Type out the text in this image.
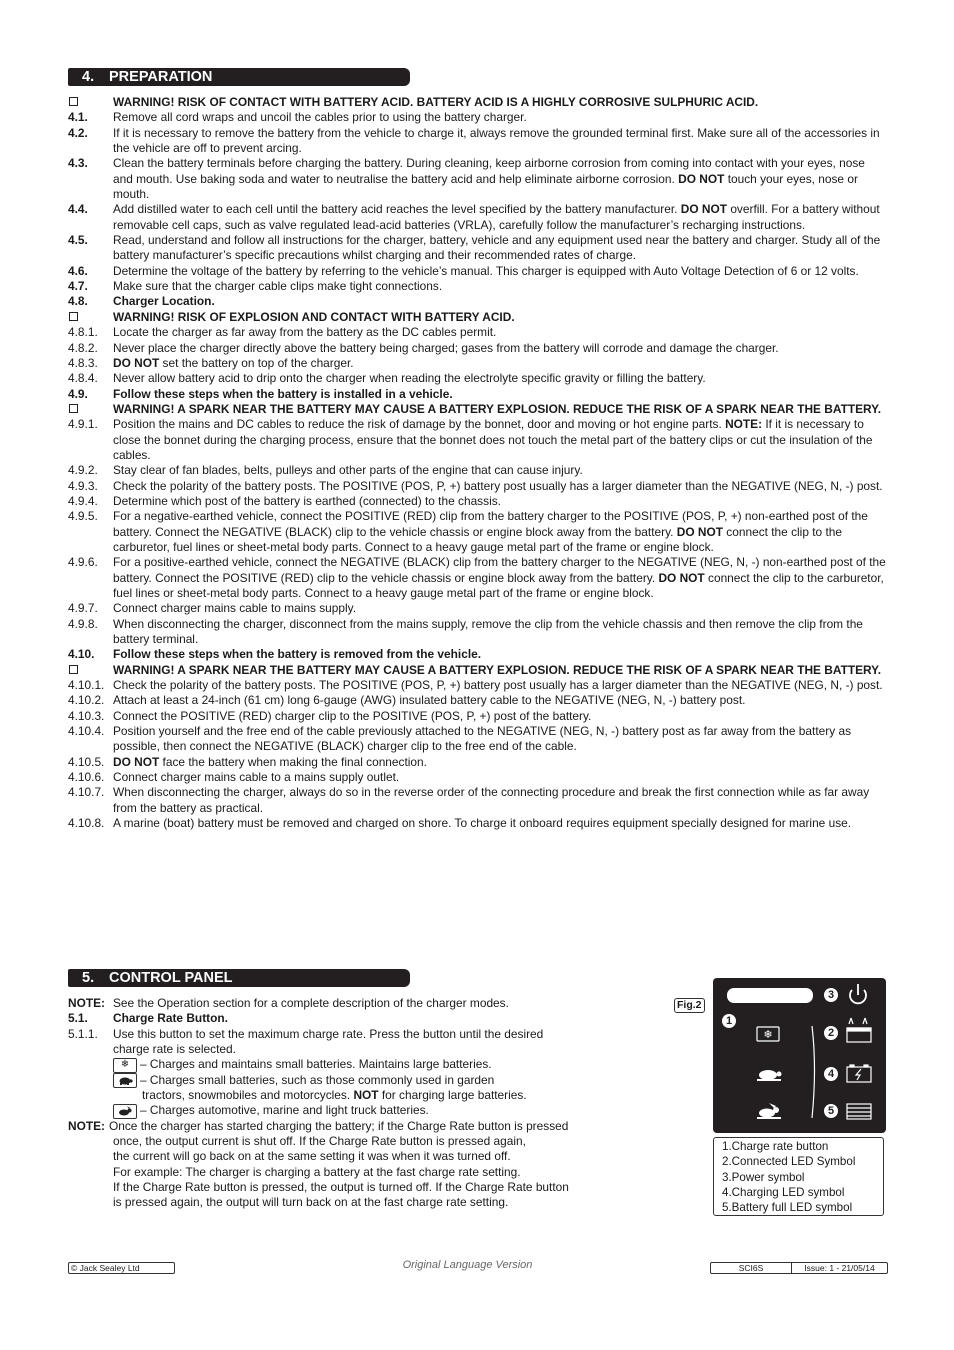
4. PREPARATION
WARNING! RISK OF CONTACT WITH BATTERY ACID. BATTERY ACID IS A HIGHLY CORROSIVE SULPHURIC ACID.
4.1.	Remove all cord wraps and uncoil the cables prior to using the battery charger.
4.2.	If it is necessary to remove the battery from the vehicle to charge it, always remove the grounded terminal first. Make sure all of the accessories in the vehicle are off to prevent arcing.
4.3.	Clean the battery terminals before charging the battery. During cleaning, keep airborne corrosion from coming into contact with your eyes, nose and mouth. Use baking soda and water to neutralise the battery acid and help eliminate airborne corrosion. DO NOT touch your eyes, nose or mouth.
4.4.	Add distilled water to each cell until the battery acid reaches the level specified by the battery manufacturer. DO NOT overfill. For a battery without removable cell caps, such as valve regulated lead-acid batteries (VRLA), carefully follow the manufacturer’s recharging instructions.
4.5.	Read, understand and follow all instructions for the charger, battery, vehicle and any equipment used near the battery and charger. Study all of the battery manufacturer’s specific precautions whilst charging and their recommended rates of charge.
4.6.	Determine the voltage of the battery by referring to the vehicle’s manual. This charger is equipped with Auto Voltage Detection of 6 or 12 volts.
4.7.	Make sure that the charger cable clips make tight connections.
4.8.	Charger Location.
WARNING! RISK OF EXPLOSION AND CONTACT WITH BATTERY ACID.
4.8.1.	Locate the charger as far away from the battery as the DC cables permit.
4.8.2.	Never place the charger directly above the battery being charged; gases from the battery will corrode and damage the charger.
4.8.3.	DO NOT set the battery on top of the charger.
4.8.4.	Never allow battery acid to drip onto the charger when reading the electrolyte specific gravity or filling the battery.
4.9.	Follow these steps when the battery is installed in a vehicle.
WARNING! A SPARK NEAR THE BATTERY MAY CAUSE A BATTERY EXPLOSION. REDUCE THE RISK OF A SPARK NEAR THE BATTERY.
4.9.1.	Position the mains and DC cables to reduce the risk of damage by the bonnet, door and moving or hot engine parts. NOTE: If it is necessary to close the bonnet during the charging process, ensure that the bonnet does not touch the metal part of the battery clips or cut the insulation of the cables.
4.9.2.	Stay clear of fan blades, belts, pulleys and other parts of the engine that can cause injury.
4.9.3.	Check the polarity of the battery posts. The POSITIVE (POS, P, +) battery post usually has a larger diameter than the NEGATIVE (NEG, N, -) post.
4.9.4.	Determine which post of the battery is earthed (connected) to the chassis.
4.9.5.	For a negative-earthed vehicle, connect the POSITIVE (RED) clip from the battery charger to the POSITIVE (POS, P, +) non-earthed post of the battery. Connect the NEGATIVE (BLACK) clip to the vehicle chassis or engine block away from the battery. DO NOT connect the clip to the carburetor, fuel lines or sheet-metal body parts. Connect to a heavy gauge metal part of the frame or engine block.
4.9.6.	For a positive-earthed vehicle, connect the NEGATIVE (BLACK) clip from the battery charger to the NEGATIVE (NEG, N, -) non-earthed post of the battery. Connect the POSITIVE (RED) clip to the vehicle chassis or engine block away from the battery. DO NOT connect the clip to the carburetor, fuel lines or sheet-metal body parts. Connect to a heavy gauge metal part of the frame or engine block.
4.9.7.	Connect charger mains cable to mains supply.
4.9.8.	When disconnecting the charger, disconnect from the mains supply, remove the clip from the vehicle chassis and then remove the clip from the battery terminal.
4.10.	Follow these steps when the battery is removed from the vehicle.
WARNING! A SPARK NEAR THE BATTERY MAY CAUSE A BATTERY EXPLOSION. REDUCE THE RISK OF A SPARK NEAR THE BATTERY.
4.10.1. Check the polarity of the battery posts. The POSITIVE (POS, P, +) battery post usually has a larger diameter than the NEGATIVE (NEG, N, -) post.
4.10.2. Attach at least a 24-inch (61 cm) long 6-gauge (AWG) insulated battery cable to the NEGATIVE (NEG, N, -) battery post.
4.10.3. Connect the POSITIVE (RED) charger clip to the POSITIVE (POS, P, +) post of the battery.
4.10.4. Position yourself and the free end of the cable previously attached to the NEGATIVE (NEG, N, -) battery post as far away from the battery as possible, then connect the NEGATIVE (BLACK) charger clip to the free end of the cable.
4.10.5. DO NOT face the battery when making the final connection.
4.10.6. Connect charger mains cable to a mains supply outlet.
4.10.7. When disconnecting the charger, always do so in the reverse order of the connecting procedure and break the first connection while as far away from the battery as practical.
4.10.8. A marine (boat) battery must be removed and charged on shore. To charge it onboard requires equipment specially designed for marine use.
5. CONTROL PANEL
NOTE: See the Operation section for a complete description of the charger modes.
5.1.	Charge Rate Button.
5.1.1.	Use this button to set the maximum charge rate. Press the button until the desired charge rate is selected.
❄ – Charges and maintains small batteries. Maintains large batteries.
– Charges small batteries, such as those commonly used in garden
tractors, snowmobiles and motorcycles. NOT for charging large batteries.
– Charges automotive, marine and light truck batteries.
NOTE: Once the charger has started charging the battery; if the Charge Rate button is pressed
once, the output current is shut off. If the Charge Rate button is pressed again,
the current will go back on at the same setting it was when it was turned off.
For example: The charger is charging a battery at the fast charge rate setting.
If the Charge Rate button is pressed, the output is turned off. If the Charge Rate button
is pressed again, the output will turn back on at the fast charge rate setting.
Fig.2
❄
1
2
3
4
5
1.Charge rate button
2.Connected LED Symbol
3.Power symbol
4.Charging LED symbol
5.Battery full LED symbol
© Jack Sealey Ltd	Original Language Version	SCI6S	Issue: 1 - 21/05/14
